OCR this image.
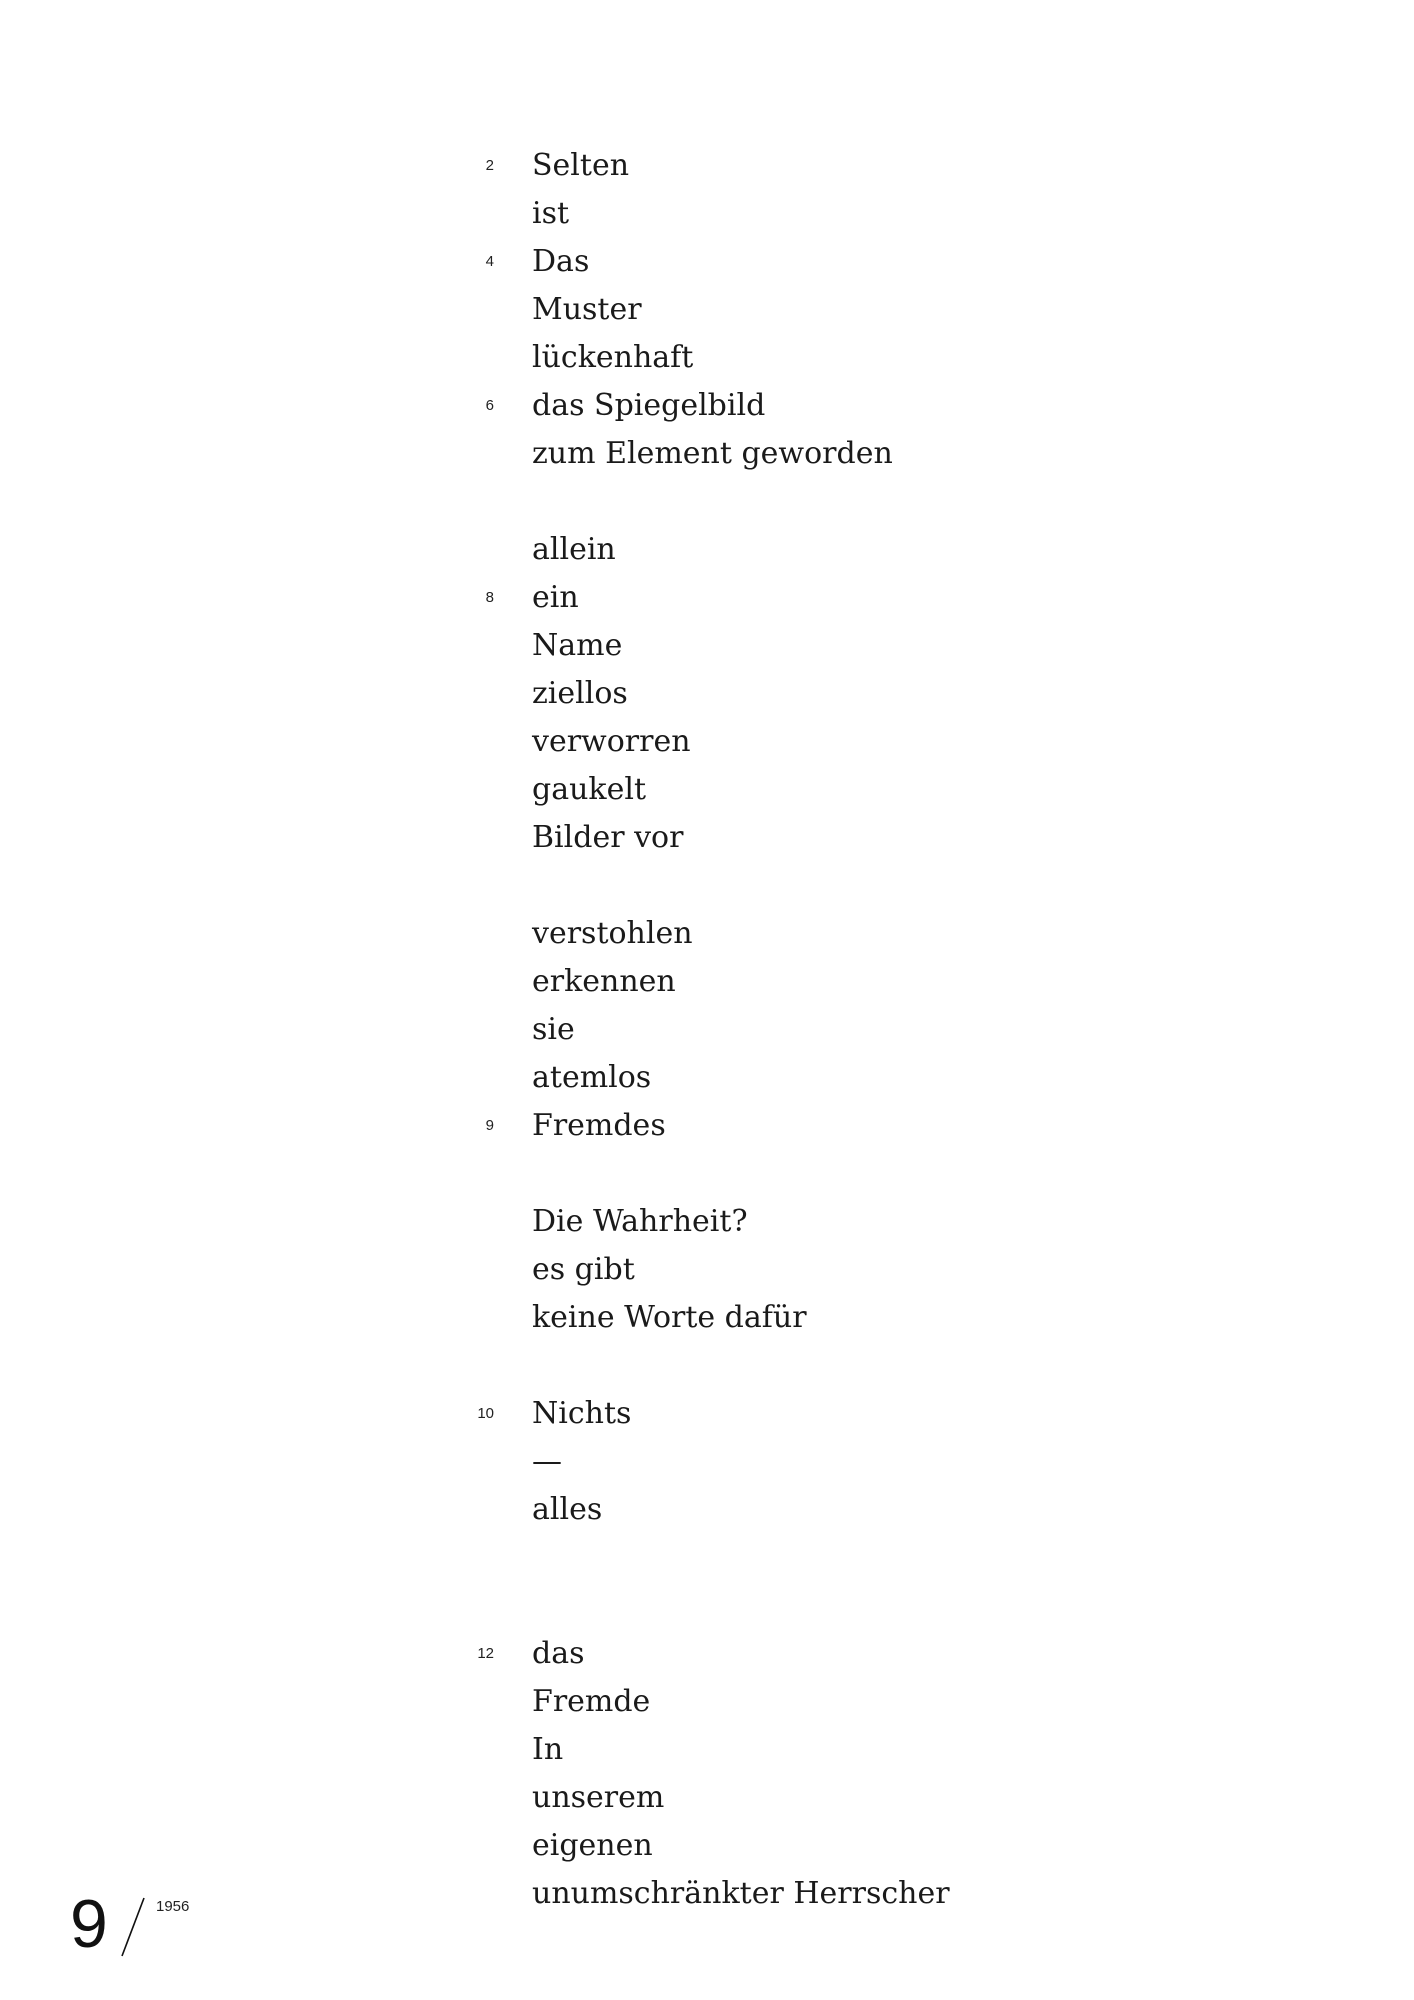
2 Selten
ist
4 Das
Muster
lückenhaft
6 das Spiegelbild
zum Element geworden
allein
8 ein
Name
ziellos
verworren
gaukelt
Bilder vor
verstohlen
erkennen
sie
atemlos
9 Fremdes
Die Wahrheit?
es gibt
keine Worte dafür
10 Nichts
—
alles
12 das
Fremde
In
unserem
eigenen
unumschränkter Herrscher
9	1956
